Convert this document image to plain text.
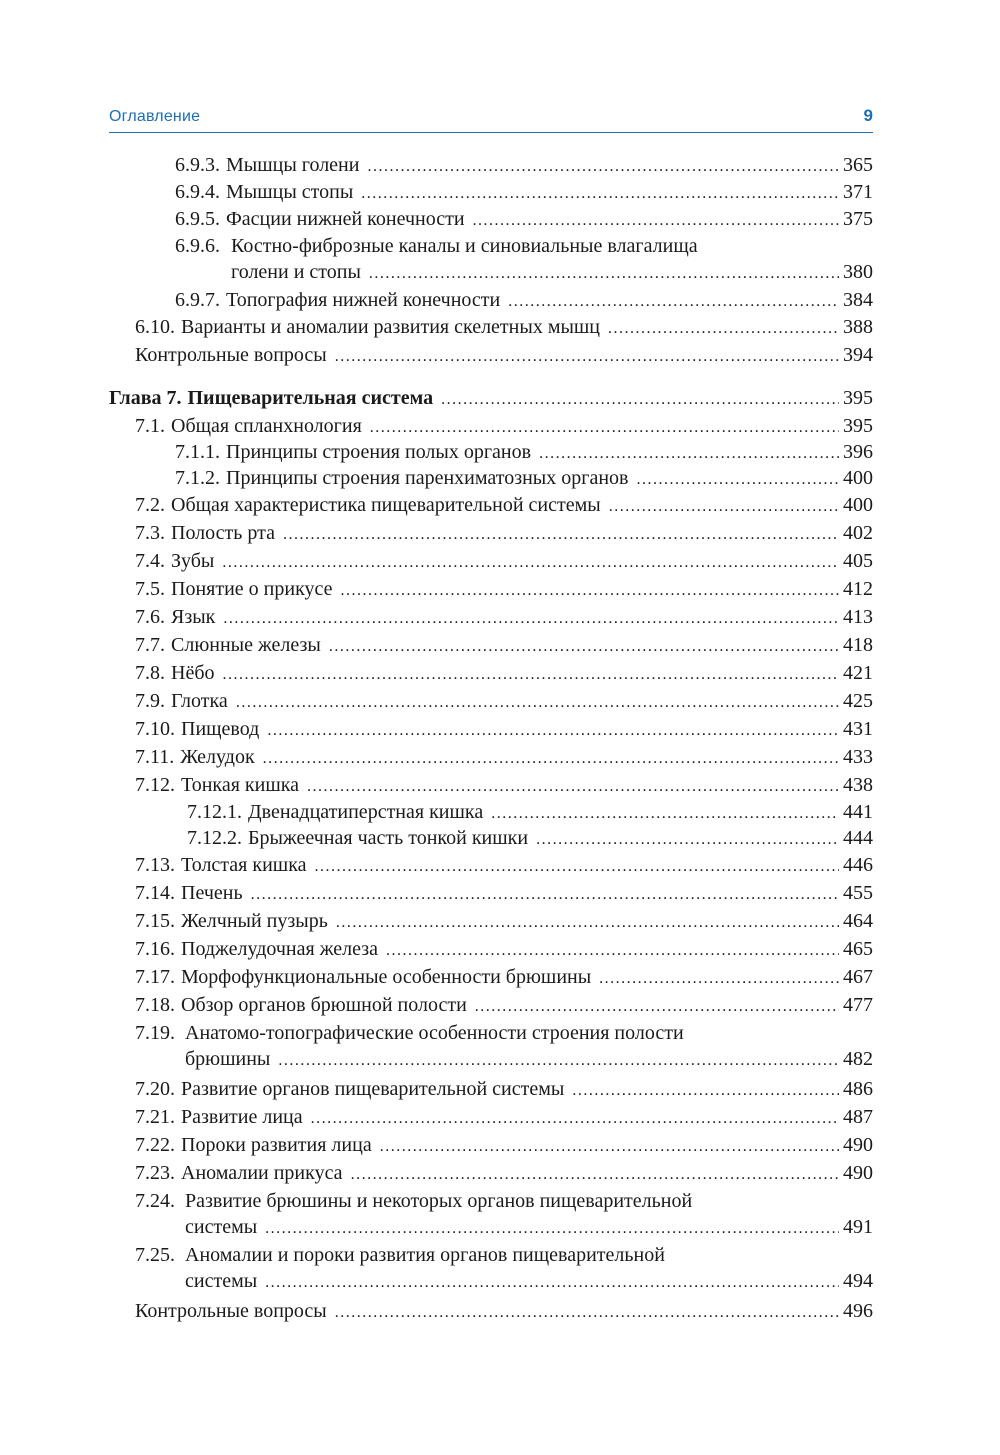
Оглавление	9
6.9.3. Мышцы голени .....	365
6.9.4. Мышцы стопы .....	371
6.9.5. Фасции нижней конечности .....	375
6.9.6. Костно-фиброзные каналы и синовиальные влагалища
голени и стопы .....	380
6.9.7. Топография нижней конечности .....	384
6.10. Варианты и аномалии развития скелетных мышц .....	388
Контрольные вопросы .....	394
Глава 7. Пищеварительная система .....	395
7.1. Общая спланхнология .....	395
7.1.1. Принципы строения полых органов .....	396
7.1.2. Принципы строения паренхиматозных органов .....	400
7.2. Общая характеристика пищеварительной системы .....	400
7.3. Полость рта .....	402
7.4. Зубы .....	405
7.5. Понятие о прикусе .....	412
7.6. Язык .....	413
7.7. Слюнные железы .....	418
7.8. Нёбо .....	421
7.9. Глотка .....	425
7.10. Пищевод .....	431
7.11. Желудок .....	433
7.12. Тонкая кишка .....	438
7.12.1. Двенадцатиперстная кишка .....	441
7.12.2. Брыжеечная часть тонкой кишки .....	444
7.13. Толстая кишка .....	446
7.14. Печень .....	455
7.15. Желчный пузырь .....	464
7.16. Поджелудочная железа .....	465
7.17. Морфофункциональные особенности брюшины .....	467
7.18. Обзор органов брюшной полости .....	477
7.19. Анатомо-топографические особенности строения полости
брюшины .....	482
7.20. Развитие органов пищеварительной системы .....	486
7.21. Развитие лица .....	487
7.22. Пороки развития лица .....	490
7.23. Аномалии прикуса .....	490
7.24. Развитие брюшины и некоторых органов пищеварительной
системы .....	491
7.25. Аномалии и пороки развития органов пищеварительной
системы .....	494
Контрольные вопросы .....	496
